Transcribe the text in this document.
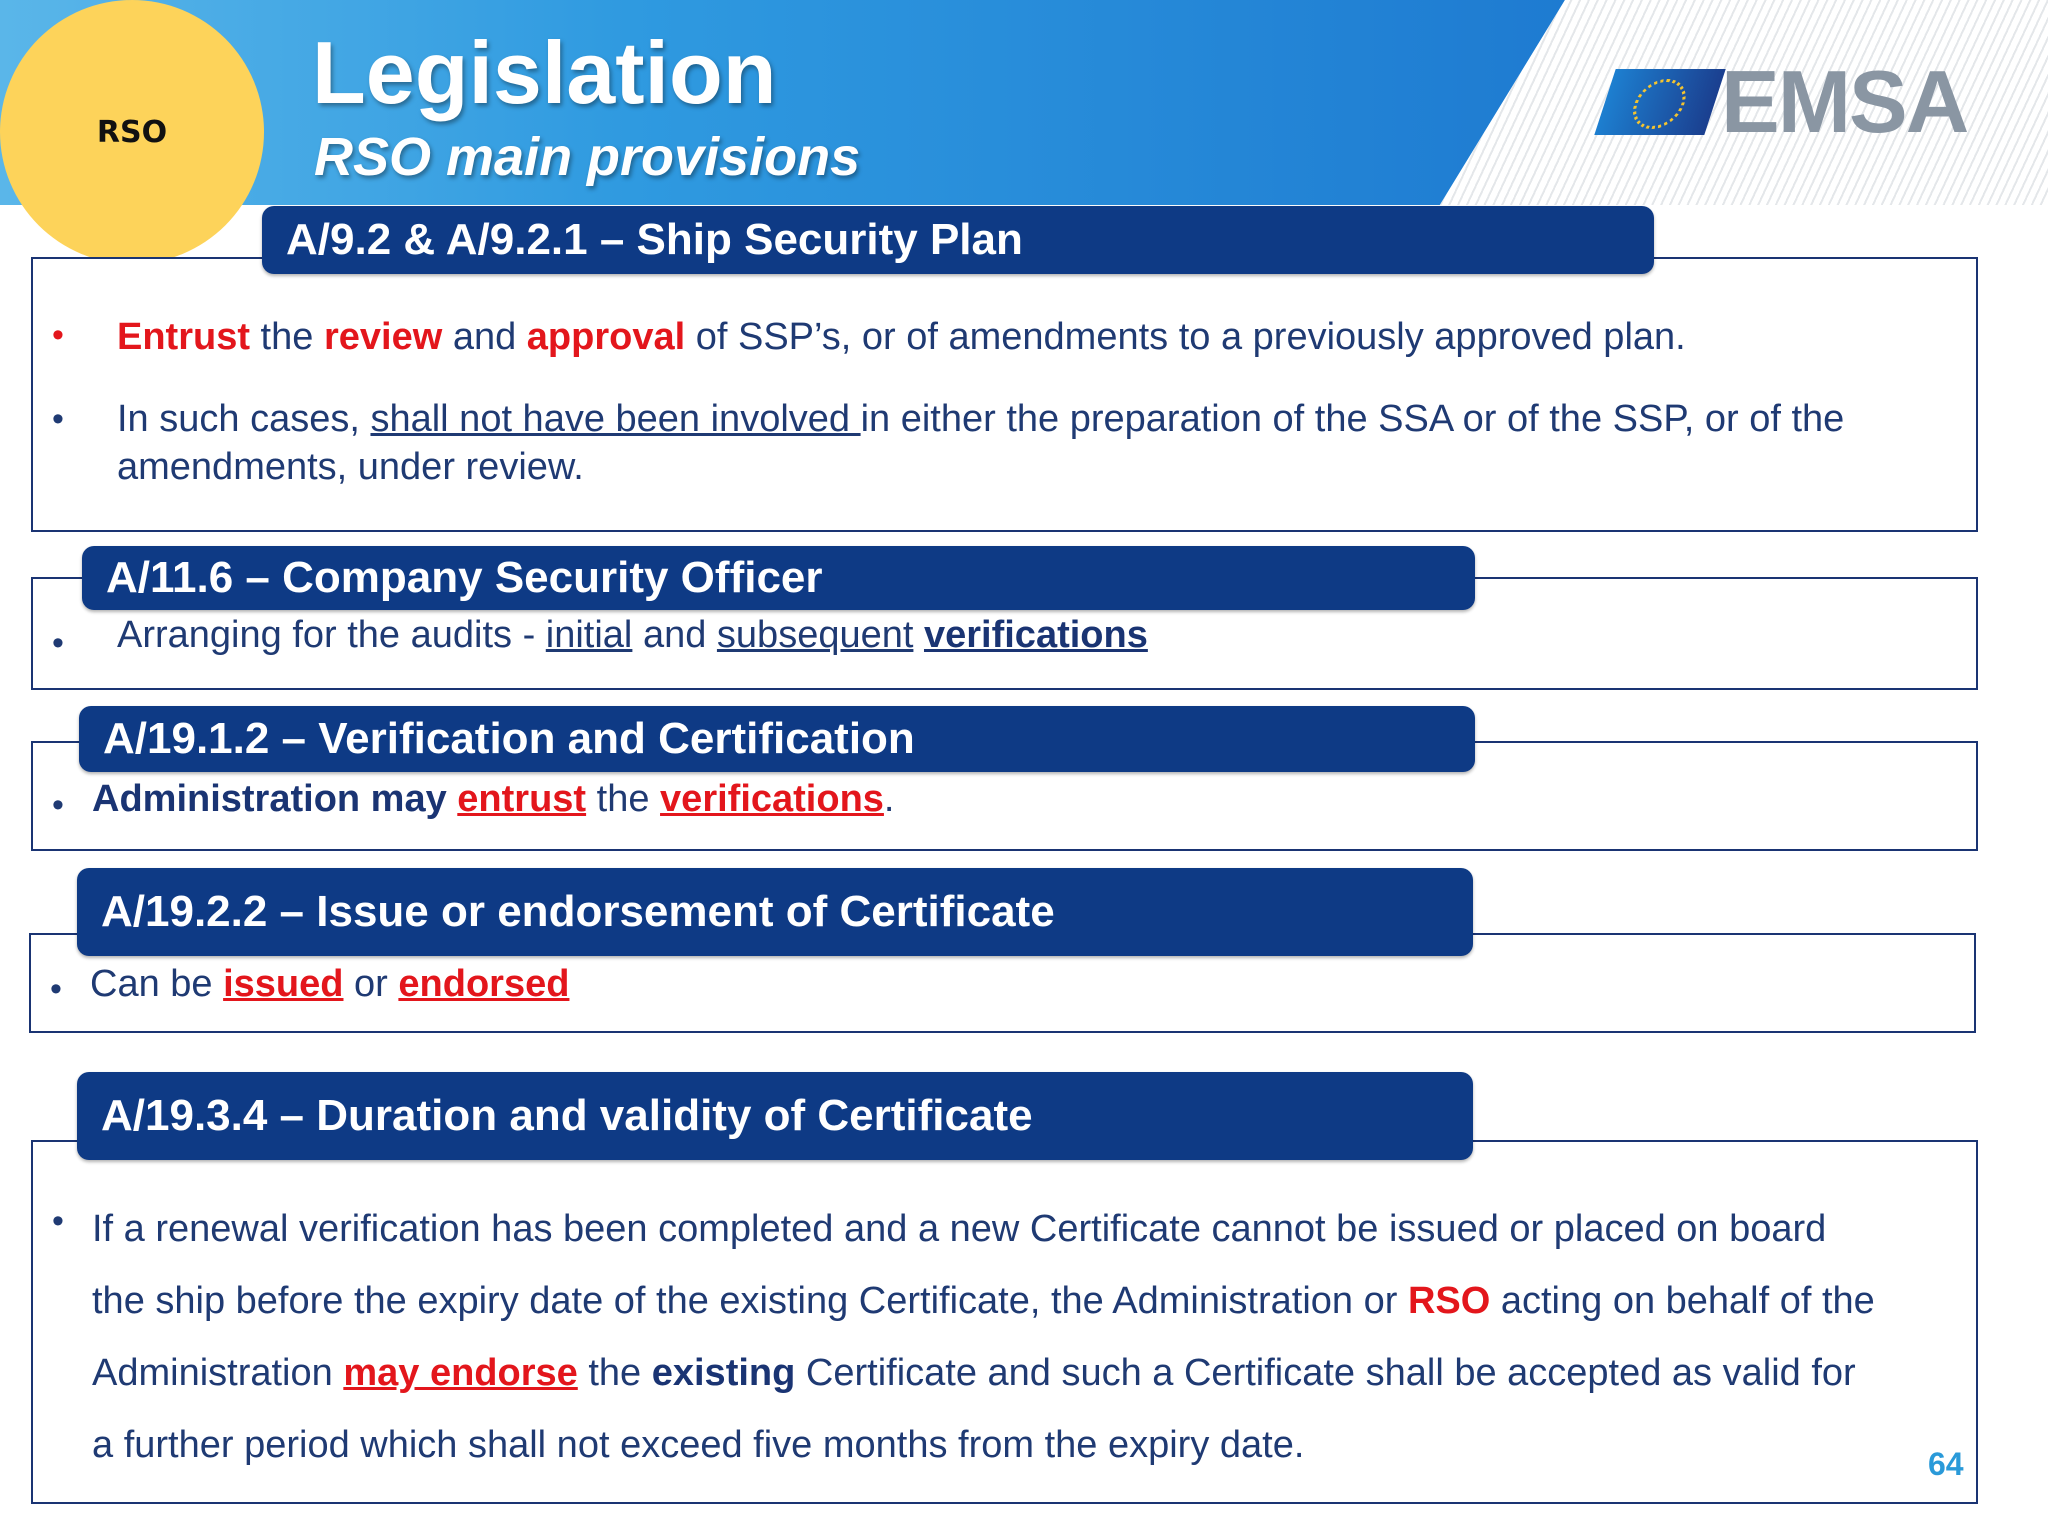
RSO
Legislation
RSO main provisions
EMSA
A/9.2 & A/9.2.1 – Ship Security Plan
• Entrust the review and approval of SSP’s, or of amendments to a previously approved plan.
• In such cases, shall not have been involved in either the preparation of the SSA or of the SSP, or of the
amendments, under review.
A/11.6 – Company Security Officer
• Arranging for the audits - initial and subsequent verifications
A/19.1.2 – Verification and Certification
• Administration may entrust the verifications.
A/19.2.2 – Issue or endorsement of Certificate
• Can be issued or endorsed
A/19.3.4 – Duration and validity of Certificate
• If a renewal verification has been completed and a new Certificate cannot be issued or placed on board
the ship before the expiry date of the existing Certificate, the Administration or RSO acting on behalf of the
Administration may endorse the existing Certificate and such a Certificate shall be accepted as valid for
a further period which shall not exceed five months from the expiry date.	64
